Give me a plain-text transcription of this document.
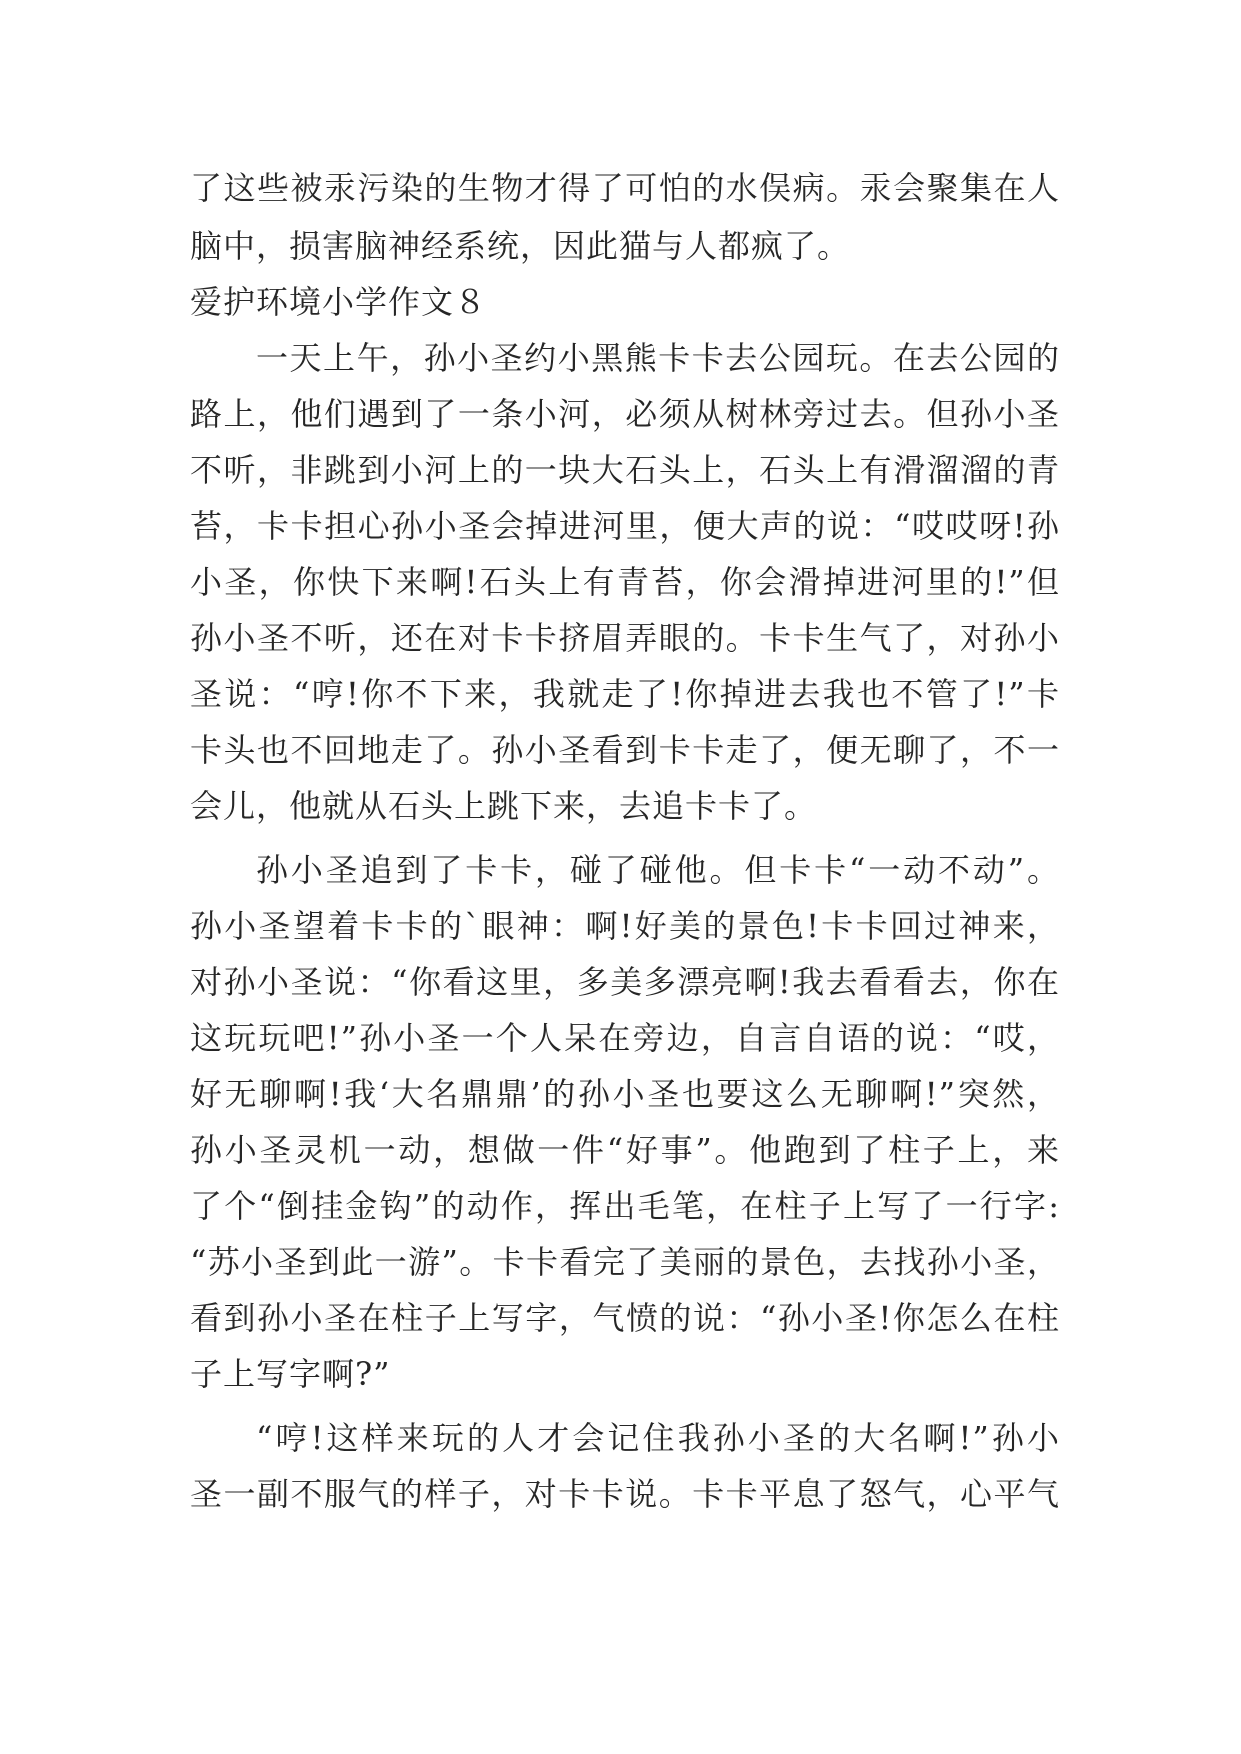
了这些被汞污染的生物才得了可怕的水俣病。汞会聚集在人
脑中，损害脑神经系统，因此猫与人都疯了。
爱护环境小学作文８
一天上午，孙小圣约小黑熊卡卡去公园玩。在去公园的
路上，他们遇到了一条小河，必须从树林旁过去。但孙小圣
不听，非跳到小河上的一块大石头上，石头上有滑溜溜的青
苔，卡卡担心孙小圣会掉进河里，便大声的说：“哎哎呀!孙
小圣，你快下来啊!石头上有青苔，你会滑掉进河里的!”但
孙小圣不听，还在对卡卡挤眉弄眼的。卡卡生气了，对孙小
圣说：“哼!你不下来，我就走了!你掉进去我也不管了!”卡
卡头也不回地走了。孙小圣看到卡卡走了，便无聊了，不一
会儿，他就从石头上跳下来，去追卡卡了。
孙小圣追到了卡卡，碰了碰他。但卡卡“一动不动”。
孙小圣望着卡卡的`眼神：啊!好美的景色!卡卡回过神来，
对孙小圣说：“你看这里，多美多漂亮啊!我去看看去，你在
这玩玩吧!”孙小圣一个人呆在旁边，自言自语的说：“哎，
好无聊啊!我‘大名鼎鼎’的孙小圣也要这么无聊啊!”突然，
孙小圣灵机一动，想做一件“好事”。他跑到了柱子上，来
了个“倒挂金钩”的动作，挥出毛笔，在柱子上写了一行字:
“苏小圣到此一游”。卡卡看完了美丽的景色，去找孙小圣，
看到孙小圣在柱子上写字，气愤的说：“孙小圣!你怎么在柱
子上写字啊?”
“哼!这样来玩的人才会记住我孙小圣的大名啊!”孙小
圣一副不服气的样子，对卡卡说。卡卡平息了怒气，心平气
